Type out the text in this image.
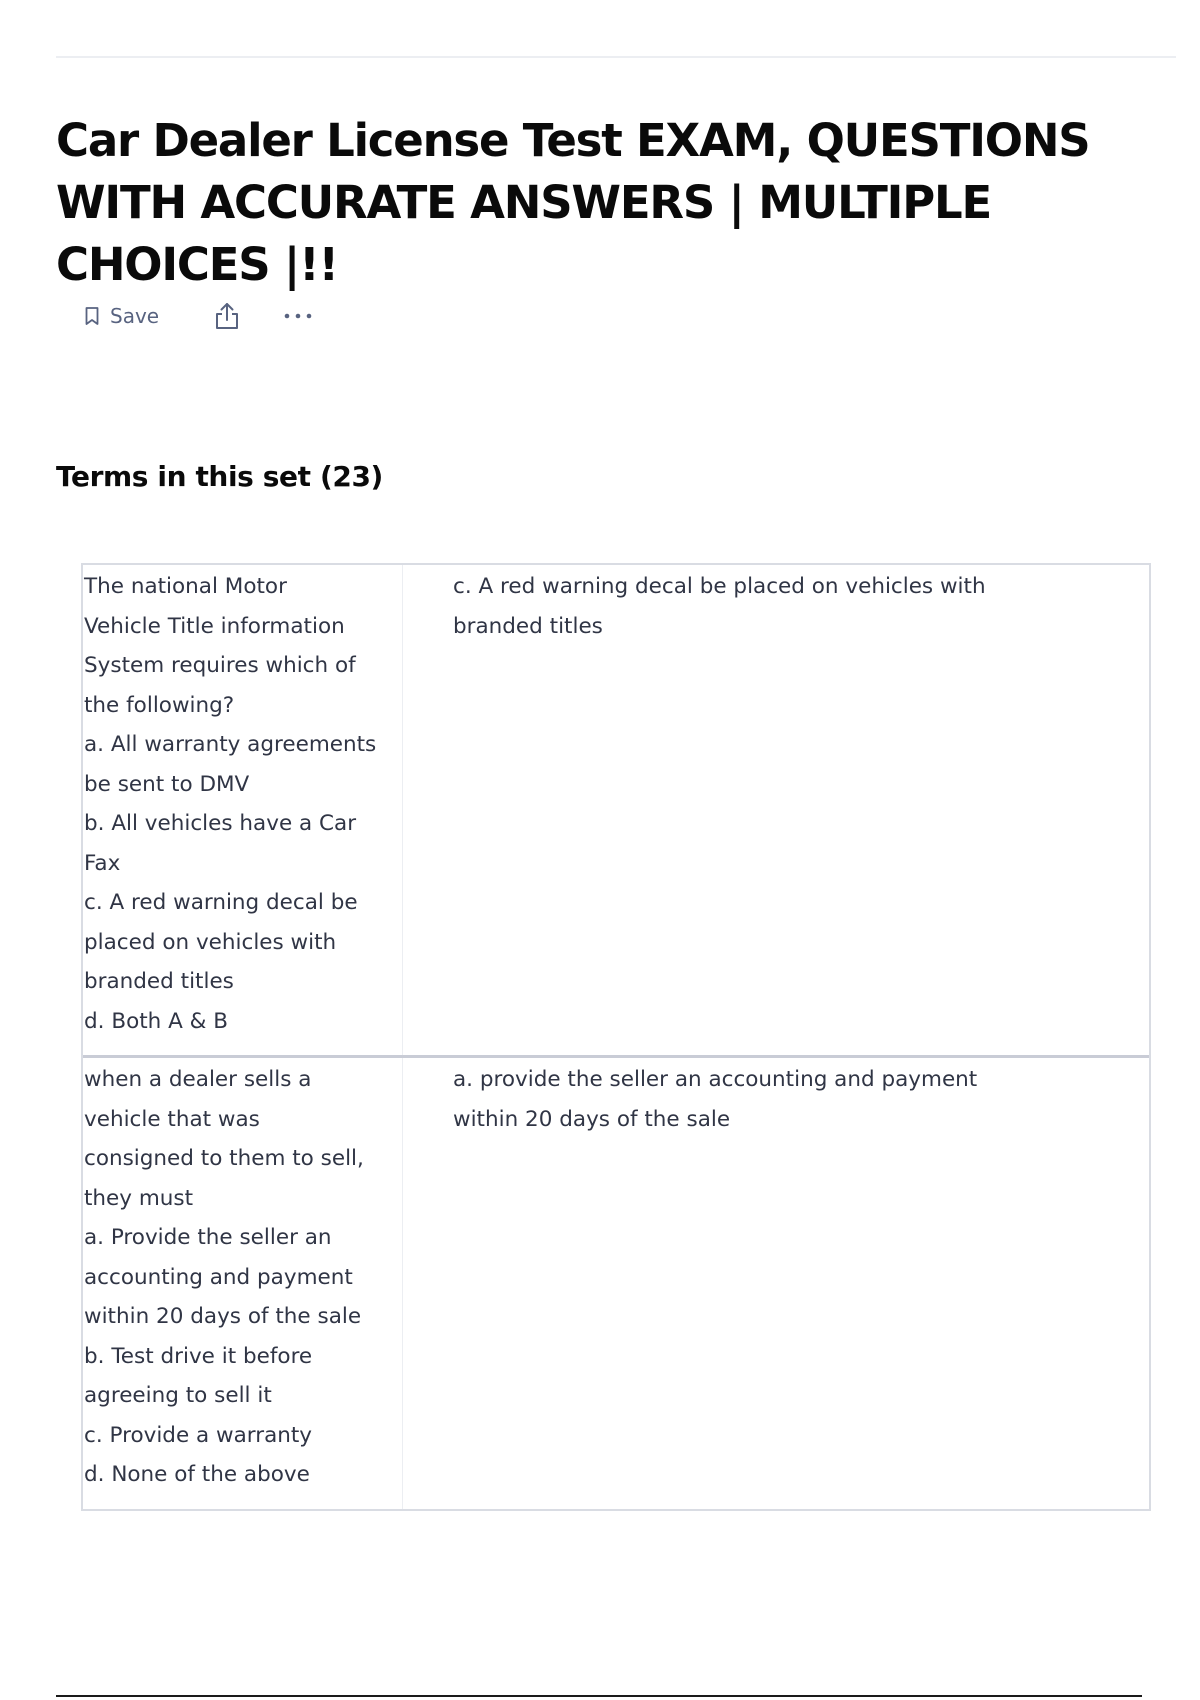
Car Dealer License Test EXAM, QUESTIONS WITH ACCURATE ANSWERS | MULTIPLE CHOICES |!!
Save
Terms in this set (23)
The national Motor
Vehicle Title information
System requires which of
the following?
a. All warranty agreements
be sent to DMV
b. All vehicles have a Car
Fax
c. A red warning decal be
placed on vehicles with
branded titles
d. Both A & B
c. A red warning decal be placed on vehicles with
branded titles
when a dealer sells a
vehicle that was
consigned to them to sell,
they must
a. Provide the seller an
accounting and payment
within 20 days of the sale
b. Test drive it before
agreeing to sell it
c. Provide a warranty
d. None of the above
a. provide the seller an accounting and payment
within 20 days of the sale
